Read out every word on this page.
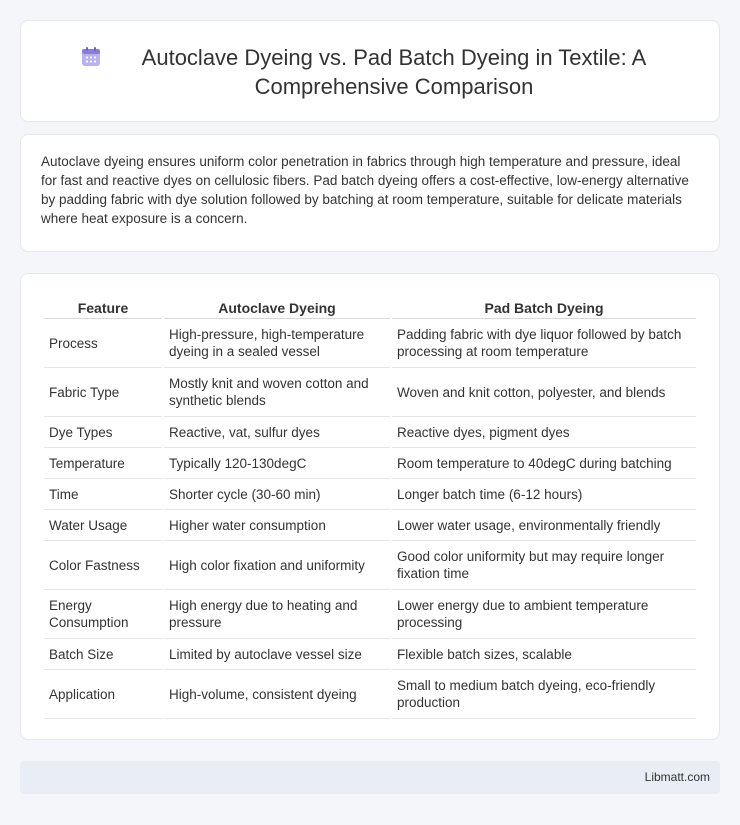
Autoclave Dyeing vs. Pad Batch Dyeing in Textile: A Comprehensive Comparison

Autoclave dyeing ensures uniform color penetration in fabrics through high temperature and pressure, ideal for fast and reactive dyes on cellulosic fibers. Pad batch dyeing offers a cost-effective, low-energy alternative by padding fabric with dye solution followed by batching at room temperature, suitable for delicate materials where heat exposure is a concern.

Feature	Autoclave Dyeing	Pad Batch Dyeing
Process	High-pressure, high-temperature dyeing in a sealed vessel	Padding fabric with dye liquor followed by batch processing at room temperature
Fabric Type	Mostly knit and woven cotton and synthetic blends	Woven and knit cotton, polyester, and blends
Dye Types	Reactive, vat, sulfur dyes	Reactive dyes, pigment dyes
Temperature	Typically 120-130degC	Room temperature to 40degC during batching
Time	Shorter cycle (30-60 min)	Longer batch time (6-12 hours)
Water Usage	Higher water consumption	Lower water usage, environmentally friendly
Color Fastness	High color fixation and uniformity	Good color uniformity but may require longer fixation time
Energy Consumption	High energy due to heating and pressure	Lower energy due to ambient temperature processing
Batch Size	Limited by autoclave vessel size	Flexible batch sizes, scalable
Application	High-volume, consistent dyeing	Small to medium batch dyeing, eco-friendly production
Libmatt.com
